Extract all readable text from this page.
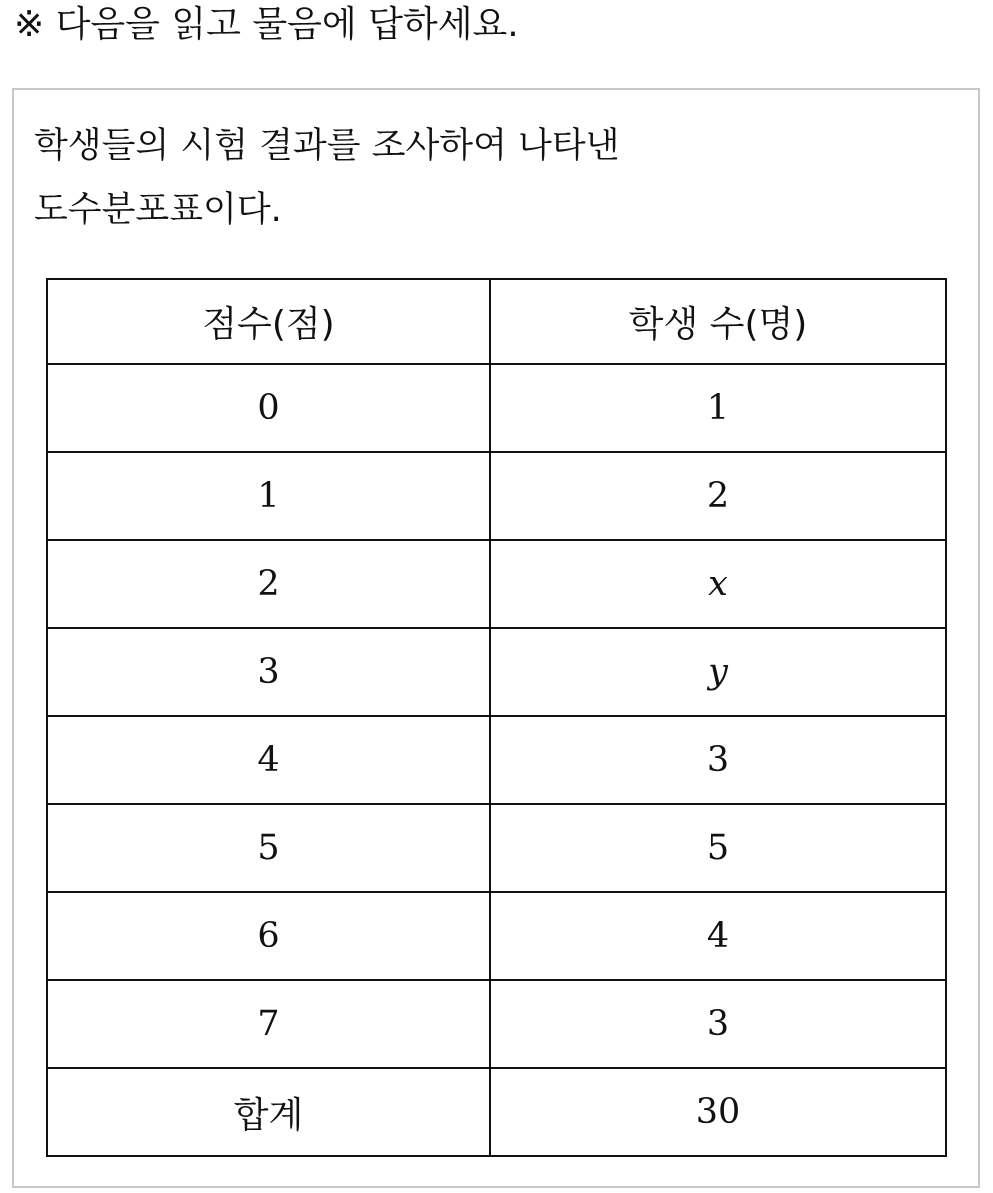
※ 다음을 읽고 물음에 답하세요.
학생들의 시험 결과를 조사하여 나타낸
도수분포표이다.
점수(점)	학생 수(명)
0	1
1	2
2	x
3	y
4	3
5	5
6	4
7	3
합계	30
